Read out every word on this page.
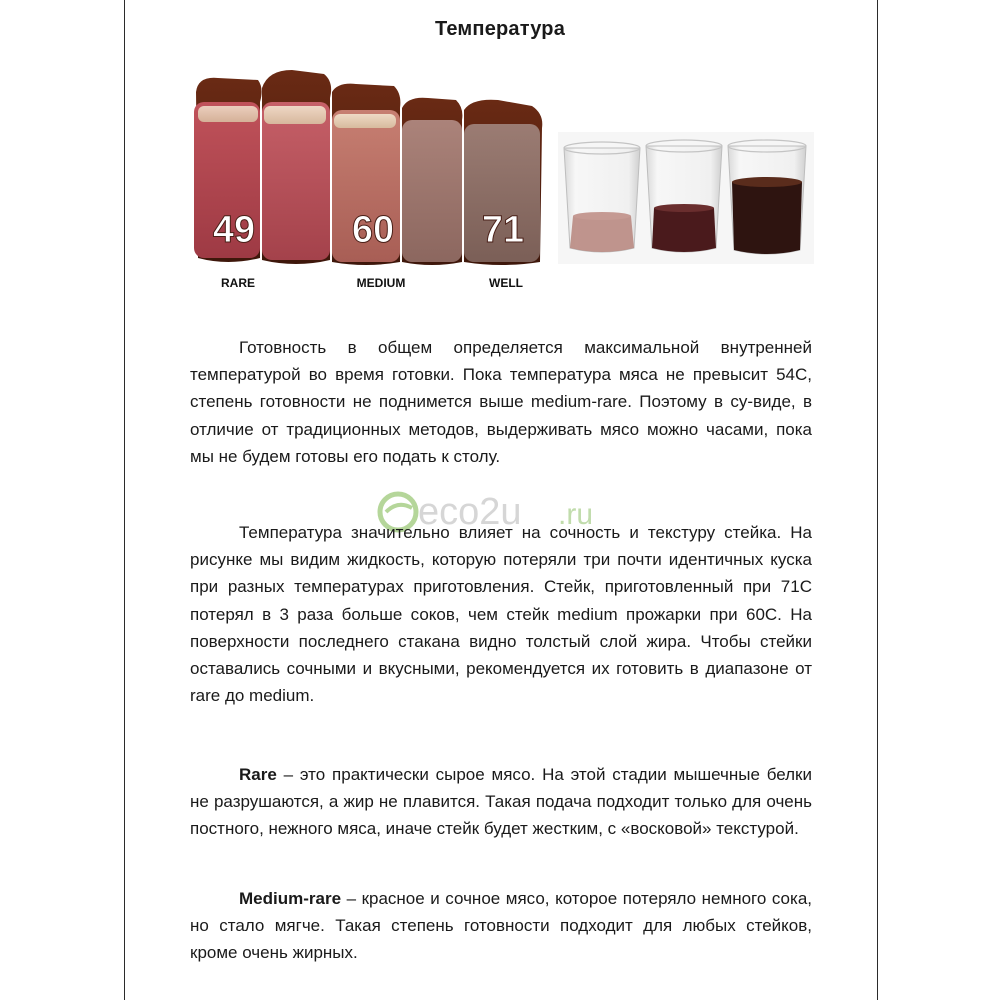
Температура
49	60 71
RARE	MEDIUM	WELL
eco2u .ru

Готовность в общем определяется максимальной внутренней температурой во время готовки. Пока температура мяса не превысит 54С, степень готовности не поднимется выше medium-rare. Поэтому в су-виде, в отличие от традиционных методов, выдерживать мясо можно часами, пока мы не будем готовы его подать к столу.

Температура значительно влияет на сочность и текстуру стейка. На рисунке мы видим жидкость, которую потеряли три почти идентичных куска при разных температурах приготовления. Стейк, приготовленный при 71С потерял в 3 раза больше соков, чем стейк medium прожарки при 60С. На поверхности последнего стакана видно толстый слой жира. Чтобы стейки оставались сочными и вкусными, рекомендуется их готовить в диапазоне от rare до medium.

Rare – это практически сырое мясо. На этой стадии мышечные белки не разрушаются, а жир не плавится. Такая подача подходит только для очень постного, нежного мяса, иначе стейк будет жестким, с «восковой» текстурой.

Medium-rare – красное и сочное мясо, которое потеряло немного сока, но стало мягче. Такая степень готовности подходит для любых стейков, кроме очень жирных.
